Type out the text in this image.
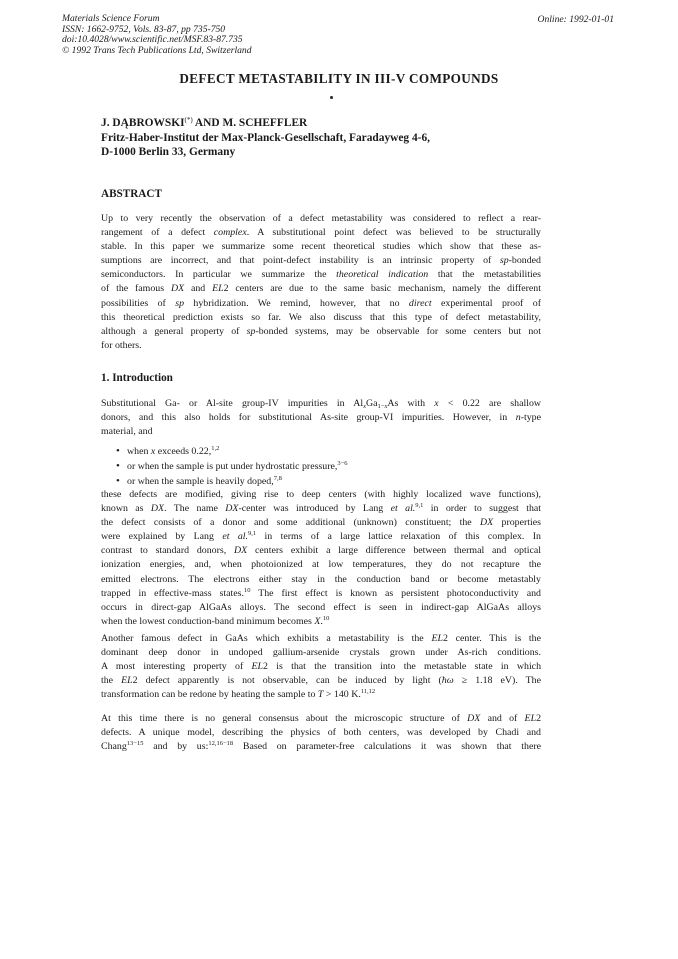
Materials Science Forum
ISSN: 1662-9752, Vols. 83-87, pp 735-750
doi:10.4028/www.scientific.net/MSF.83-87.735
© 1992 Trans Tech Publications Ltd, Switzerland
Online: 1992-01-01
DEFECT METASTABILITY IN III-V COMPOUNDS
J. DĄBROWSKI(*) AND M. SCHEFFLER
Fritz-Haber-Institut der Max-Planck-Gesellschaft, Faradayweg 4-6,
D-1000 Berlin 33, Germany
ABSTRACT

Up to very recently the observation of a defect metastability was considered to reflect a rear-
rangement of a defect complex. A substitutional point defect was believed to be structurally
stable. In this paper we summarize some recent theoretical studies which show that these as-
sumptions are incorrect, and that point-defect instability is an intrinsic property of sp-bonded
semiconductors. In particular we summarize the theoretical indication that the metastabilities
of the famous DX and EL2 centers are due to the same basic mechanism, namely the different
possibilities of sp hybridization. We remind, however, that no direct experimental proof of
this theoretical prediction exists so far. We also discuss that this type of defect metastability,
although a general property of sp-bonded systems, may be observable for some centers but not
for others.

1. Introduction

Substitutional Ga- or Al-site group-IV impurities in $Al_xGa_{1-x}As$ with x < 0.22 are shallow
donors, and this also holds for substitutional As-site group-VI impurities. However, in n-type
material, and

• when x exceeds 0.22,$^{1,2}$
• or when the sample is put under hydrostatic pressure,$^{3-6}$
• or when the sample is heavily doped,$^{7,8}$

these defects are modified, giving rise to deep centers (with highly localized wave functions),
known as DX. The name DX-center was introduced by Lang et al.$^{9,1}$ in order to suggest that
the defect consists of a donor and some additional (unknown) constituent; the DX properties
were explained by Lang et al.$^{9,1}$ in terms of a large lattice relaxation of this complex. In
contrast to standard donors, DX centers exhibit a large difference between thermal and optical
ionization energies, and, when photoionized at low temperatures, they do not recapture the
emitted electrons. The electrons either stay in the conduction band or become metastably
trapped in effective-mass states.$^{10}$ The first effect is known as persistent photoconductivity and
occurs in direct-gap AlGaAs alloys. The second effect is seen in indirect-gap AlGaAs alloys
when the lowest conduction-band minimum becomes X.$^{10}$

Another famous defect in GaAs which exhibits a metastability is the EL2 center. This is the
dominant deep donor in undoped gallium-arsenide crystals grown under As-rich conditions.
A most interesting property of EL2 is that the transition into the metastable state in which
the EL2 defect apparently is not observable, can be induced by light (ħω ≥ 1.18 eV). The
transformation can be redone by heating the sample to T > 140 K.$^{11,12}$

At this time there is no general consensus about the microscopic structure of DX and of EL2
defects. A unique model, describing the physics of both centers, was developed by Chadi and
Chang$^{13-15}$ and by us:$^{12,16-18}$ Based on parameter-free calculations it was shown that there
